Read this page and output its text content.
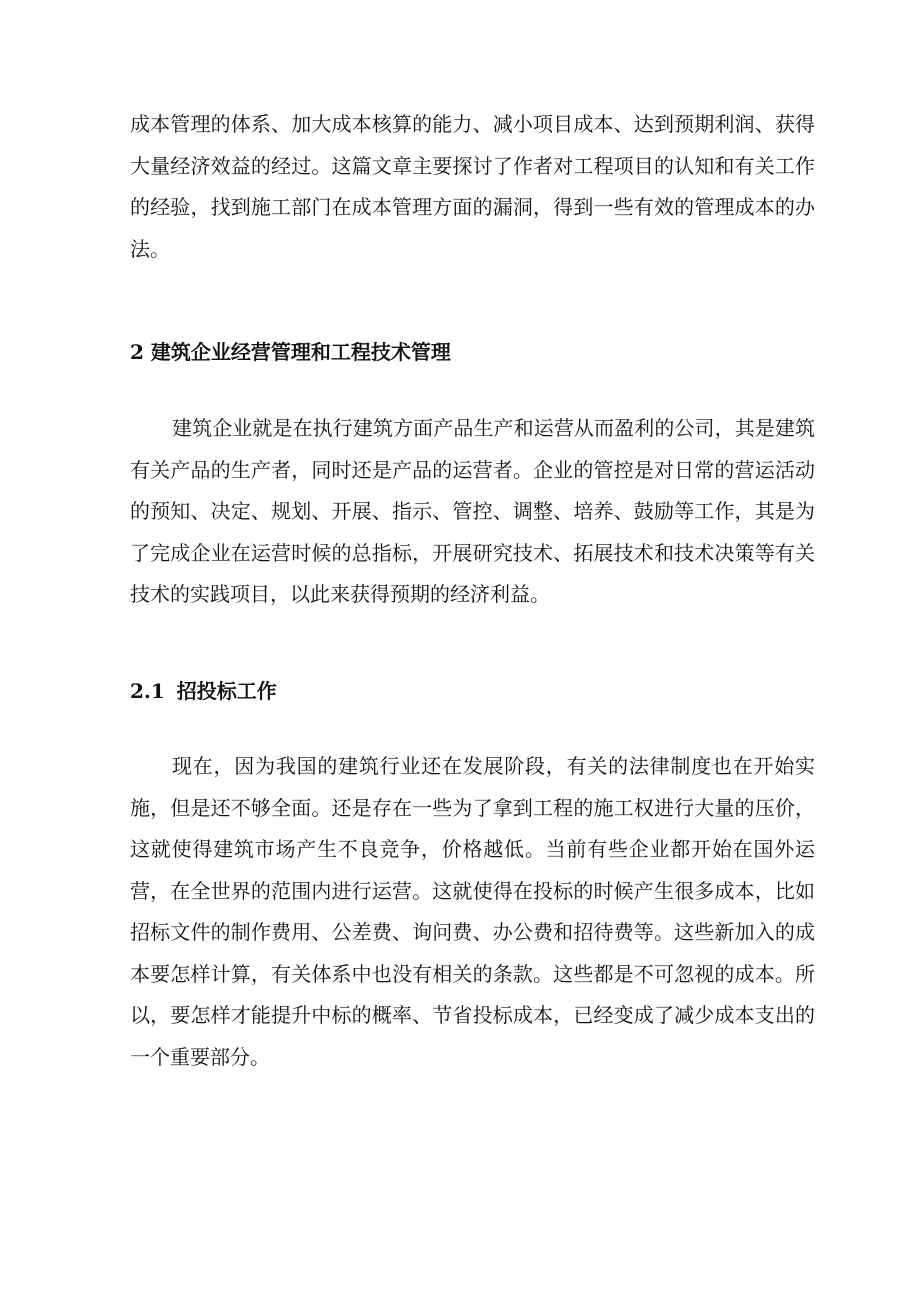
成本管理的体系、加大成本核算的能力、减小项目成本、达到预期利润、获得大量经济效益的经过。这篇文章主要探讨了作者对工程项目的认知和有关工作的经验，找到施工部门在成本管理方面的漏洞，得到一些有效的管理成本的办法。

2 建筑企业经营管理和工程技术管理

建筑企业就是在执行建筑方面产品生产和运营从而盈利的公司，其是建筑有关产品的生产者，同时还是产品的运营者。企业的管控是对日常的营运活动的预知、决定、规划、开展、指示、管控、调整、培养、鼓励等工作，其是为了完成企业在运营时候的总指标，开展研究技术、拓展技术和技术决策等有关技术的实践项目，以此来获得预期的经济利益。

2.1 招投标工作

现在，因为我国的建筑行业还在发展阶段，有关的法律制度也在开始实施，但是还不够全面。还是存在一些为了拿到工程的施工权进行大量的压价，这就使得建筑市场产生不良竞争，价格越低。当前有些企业都开始在国外运营，在全世界的范围内进行运营。这就使得在投标的时候产生很多成本，比如招标文件的制作费用、公差费、询问费、办公费和招待费等。这些新加入的成本要怎样计算，有关体系中也没有相关的条款。这些都是不可忽视的成本。所以，要怎样才能提升中标的概率、节省投标成本，已经变成了减少成本支出的一个重要部分。
